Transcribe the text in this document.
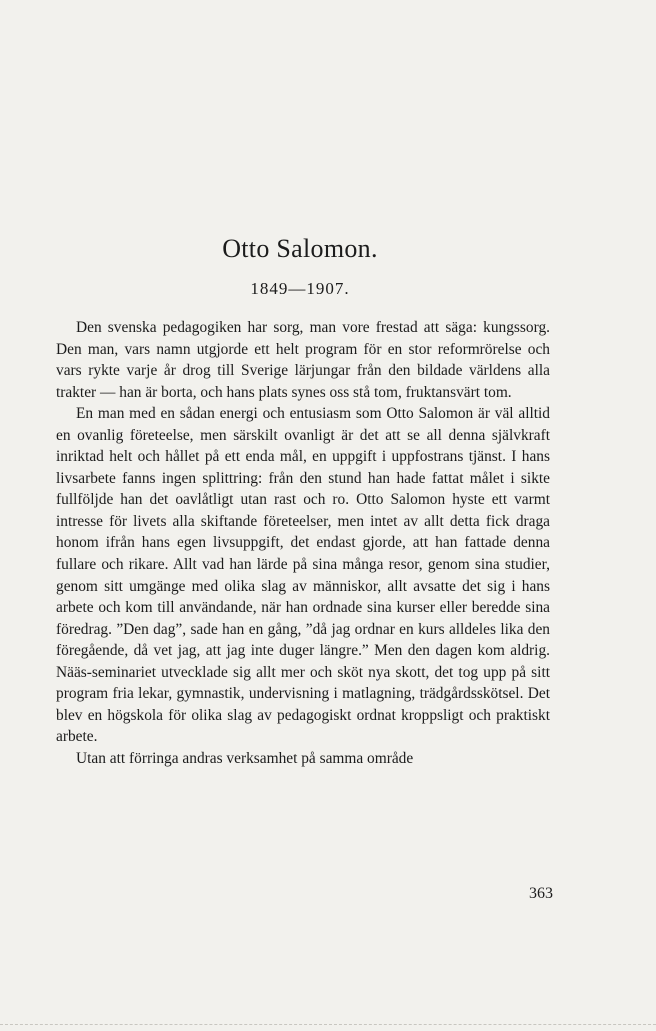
Otto Salomon.
1849—1907.

Den svenska pedagogiken har sorg, man vore frestad att säga: kungssorg. Den man, vars namn utgjorde ett helt program för en stor reformrörelse och vars rykte varje år drog till Sverige lärjungar från den bildade världens alla trakter — han är borta, och hans plats synes oss stå tom, fruktansvärt tom.

En man med en sådan energi och entusiasm som Otto Salomon är väl alltid en ovanlig företeelse, men särskilt ovanligt är det att se all denna självkraft inriktad helt och hållet på ett enda mål, en uppgift i uppfostrans tjänst. I hans livsarbete fanns ingen splittring: från den stund han hade fattat målet i sikte fullföljde han det oavlåtligt utan rast och ro. Otto Salomon hyste ett varmt intresse för livets alla skiftande företeelser, men intet av allt detta fick draga honom ifrån hans egen livsuppgift, det endast gjorde, att han fattade denna fullare och rikare. Allt vad han lärde på sina många resor, genom sina studier, genom sitt umgänge med olika slag av människor, allt avsatte det sig i hans arbete och kom till användande, när han ordnade sina kurser eller beredde sina föredrag. ”Den dag”, sade han en gång, ”då jag ordnar en kurs alldeles lika den föregående, då vet jag, att jag inte duger längre.” Men den dagen kom aldrig. Nääs-seminariet utvecklade sig allt mer och sköt nya skott, det tog upp på sitt program fria lekar, gymnastik, undervisning i matlagning, trädgårdsskötsel. Det blev en högskola för olika slag av pedagogiskt ordnat kroppsligt och praktiskt arbete.

Utan att förringa andras verksamhet på samma område

363
